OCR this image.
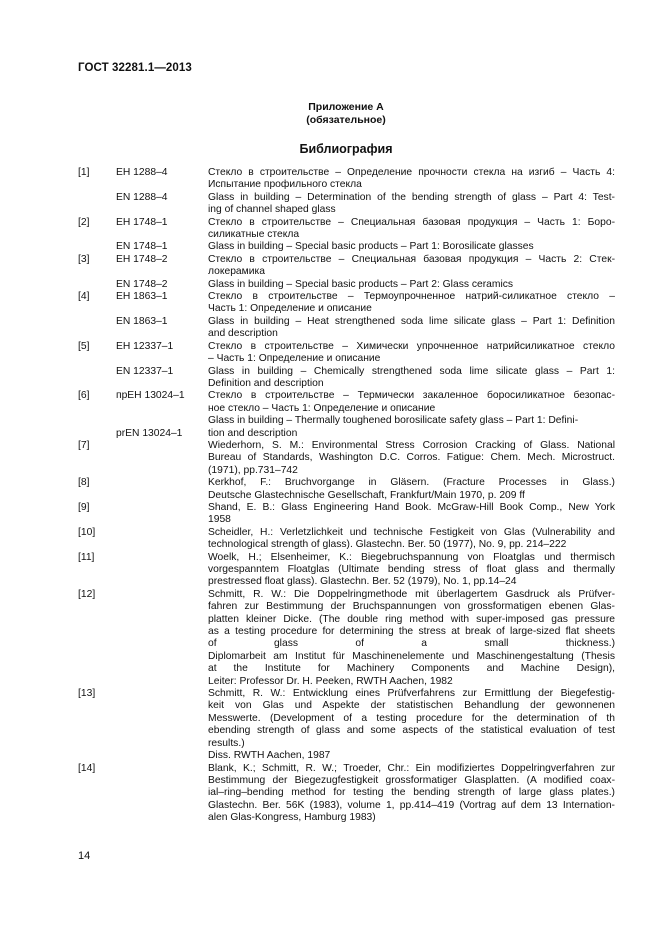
ГОСТ 32281.1—2013
Приложение А
(обязательное)
Библиография
[1]	ЕН 1288–4	Стекло в строительстве – Определение прочности стекла на изгиб – Часть 4:
Испытание профильного стекла
EN 1288–4	Glass in building – Determination of the bending strength of glass – Part 4: Test-
ing of channel shaped glass
[2]	ЕН 1748–1	Стекло в строительстве – Специальная базовая продукция – Часть 1: Боро-
силикатные стекла
EN 1748–1	Glass in building – Special basic products – Part 1: Borosilicate glasses
[3]	ЕН 1748–2	Стекло в строительстве – Специальная базовая продукция – Часть 2: Стек-
локерамика
EN 1748–2	Glass in building – Special basic products – Part 2: Glass ceramics
[4]	ЕН 1863–1	Стекло в строительстве – Термоупрочненное натрий-силикатное стекло –
Часть 1: Определение и описание
EN 1863–1	Glass in building – Heat strengthened soda lime silicate glass – Part 1: Definition
and description
[5]	ЕН 12337–1	Стекло в строительстве – Химически упрочненное натрийсиликатное стекло
– Часть 1: Определение и описание
EN 12337–1	Glass in building – Chemically strengthened soda lime silicate glass – Part 1:
Definition and description
[6]	прЕН 13024–1	Стекло в строительстве – Термически закаленное боросиликатное безопас-
ное стекло – Часть 1: Определение и описание
Glass in building – Thermally toughened borosilicate safety glass – Part 1: Defini-
prEN 13024–1	tion and description
[7]	Wiederhorn, S. M.: Environmental Stress Corrosion Cracking of Glass. National
Bureau of Standards, Washington D.C. Corros. Fatigue: Chem. Mech. Microstruct.
(1971), pp.731–742
[8]	Kerkhof, F.: Bruchvorgange in Gläsern. (Fracture Processes in Glass.)
Deutsche Glastechnische Gesellschaft, Frankfurt/Main 1970, p. 209 ff
[9]	Shand, E. B.: Glass Engineering Hand Book. McGraw-Hill Book Comp., New York
1958
[10]	Scheidler, H.: Verletzlichkeit und technische Festigkeit von Glas (Vulnerability and
technological strength of glass). Glastechn. Ber. 50 (1977), No. 9, pp. 214–222
[11]	Woelk, H.; Elsenheimer, K.: Biegebruchspannung von Floatglas und thermisch
vorgespanntem Floatglas (Ultimate bending stress of float glass and thermally
prestressed float glass). Glastechn. Ber. 52 (1979), No. 1, pp.14–24
[12]	Schmitt, R. W.: Die Doppelringmethode mit überlagertem Gasdruck als Prüfver-
fahren zur Bestimmung der Bruchspannungen von grossformatigen ebenen Glas-
platten kleiner Dicke. (The double ring method with super-imposed gas pressure
as a testing procedure for determining the stress at break of large-sized flat sheets
of glass of a small thickness.)
Diplomarbeit am Institut für Maschinenelemente und Maschinengestaltung (Thesis
at the Institute for Machinery Components and Machine Design),
Leiter: Professor Dr. H. Peeken, RWTH Aachen, 1982
[13]	Schmitt, R. W.: Entwicklung eines Prüfverfahrens zur Ermittlung der Biegefestig-
keit von Glas und Aspekte der statistischen Behandlung der gewonnenen
Messwerte. (Development of a testing procedure for the determination of th
ebending strength of glass and some aspects of the statistical evaluation of test
results.)
Diss. RWTH Aachen, 1987
[14]	Blank, K.; Schmitt, R. W.; Troeder, Chr.: Ein modifiziertes Doppelringverfahren zur
Bestimmung der Biegezugfestigkeit grossformatiger Glasplatten. (A modified coax-
ial–ring–bending method for testing the bending strength of large glass plates.)
Glastechn. Ber. 56K (1983), volume 1, pp.414–419 (Vortrag auf dem 13 Internation-
alen Glas-Kongress, Hamburg 1983)
14
